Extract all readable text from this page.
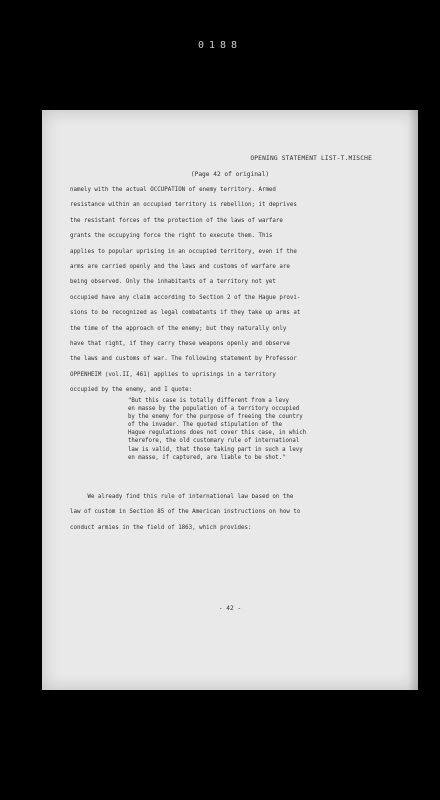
0188
OPENING STATEMENT LIST-T.MISCHE
(Page 42 of original)
namely with the actual OCCUPATION of enemy territory. Armed
resistance within an occupied territory is rebellion; it deprives
the resistant forces of the protection of the laws of warfare
grants the occupying force the right to execute them. This
applies to popular uprising in an occupied territory, even if the
arms are carried openly and the laws and customs of warfare are
being observed. Only the inhabitants of a territory not yet
occupied have any claim according to Section 2 of the Hague provi-
sions to be recognized as legal combatants if they take up arms at
the time of the approach of the enemy; but they naturally only
have that right, if they carry these weapons openly and observe
the laws and customs of war. The following statement by Professor
OPPENHEIM (vol.II, 461) applies to uprisings in a territory
occupied by the enemy, and I quote:
"But this case is totally different from a levy
en masse by the population of a territory occupied
by the enemy for the purpose of freeing the country
of the invader. The quoted stipulation of the
Hague regulations does not cover this case, in which
therefore, the old customary rule of international
law is valid, that those taking part in such a levy
en masse, if captured, are liable to be shot."
We already find this rule of international law based on the
law of custom in Section 85 of the American instructions on how to
conduct armies in the field of 1863, which provides:
- 42 -
